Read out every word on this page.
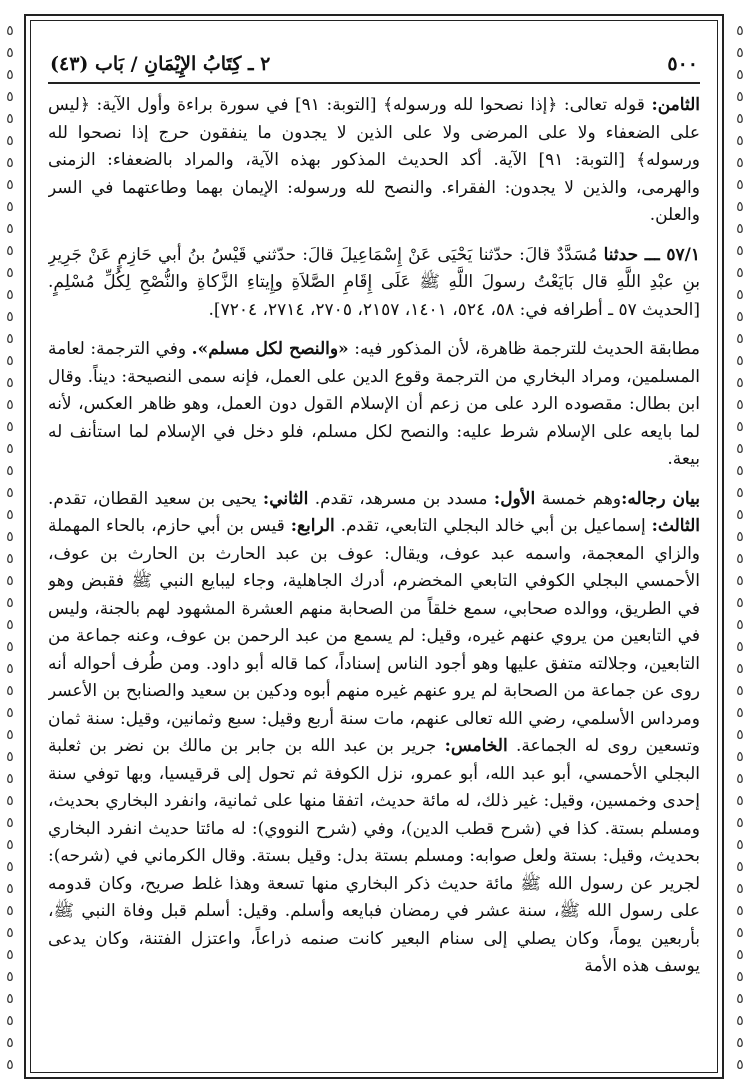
٥
٥
٥
٥
٥
٥
٥
٥
٥
٥
٥
٥
٥
٥
٥
٥
٥
٥
٥
٥
٥
٥
٥
٥
٥
٥
٥
٥
٥
٥
٥
٥
٥
٥
٥
٥
٥
٥
٥
٥
٥
٥
٥
٥
٥
٥
٥
٥
٥
٥
٥
٥
٥
٥
٥
٥
٥
٥
٥
٥
٥
٥
٥
٥
٥
٥
٥
٥
٥
٥
٥
٥
٥
٥
٥
٥
٥
٥
٥
٥
٥
٥
٥
٥
٥
٥
٥
٥
٥
٥
٥
٥
٥
٥
٥
٥
٥٠٠
٢ ـ كِتَابُ الإِيْمَانِ / بَاب (٤٣)

الثامن: قوله تعالى: ﴿إذا نصحوا لله ورسوله﴾ [التوبة: ٩١] في سورة براءة وأول الآية: ﴿ليس على الضعفاء ولا على المرضى ولا على الذين لا يجدون ما ينفقون حرج إذا نصحوا لله ورسوله﴾ [التوبة: ٩١] الآية. أكد الحديث المذكور بهذه الآية، والمراد بالضعفاء: الزمنى والهرمى، والذين لا يجدون: الفقراء. والنصح لله ورسوله: الإيمان بهما وطاعتهما في السر والعلن.

٥٧/١ ـــ حدثنا مُسَدَّدٌ قالَ: حدّثنا يَحْيَى عَنْ إِسْمَاعِيلَ قالَ: حدّثني قَيْسُ بنُ أبي حَازِمٍ عَنْ جَرِيرِ بنِ عبْدِ اللَّهِ قال بَايَعْتُ رسولَ اللَّهِ ﷺ عَلَى إِقَامِ الصَّلاَةِ وإِيتاءِ الزَّكاةِ والنُّصْحِ لِكُلِّ مُسْلِمٍ. [الحديث ٥٧ ـ أطرافه في: ٥٨، ٥٢٤، ١٤٠١، ٢١٥٧، ٢٧٠٥، ٢٧١٤، ٧٢٠٤].

مطابقة الحديث للترجمة ظاهرة، لأن المذكور فيه: «والنصح لكل مسلم». وفي الترجمة: لعامة المسلمين، ومراد البخاري من الترجمة وقوع الدين على العمل، فإنه سمى النصيحة: ديناً. وقال ابن بطال: مقصوده الرد على من زعم أن الإسلام القول دون العمل، وهو ظاهر العكس، لأنه لما بايعه على الإسلام شرط عليه: والنصح لكل مسلم، فلو دخل في الإسلام لما استأنف له بيعة.

بيان رجاله:وهم خمسة الأول: مسدد بن مسرهد، تقدم. الثاني: يحيى بن سعيد القطان، تقدم. الثالث: إسماعيل بن أبي خالد البجلي التابعي، تقدم. الرابع: قيس بن أبي حازم، بالحاء المهملة والزاي المعجمة، واسمه عبد عوف، ويقال: عوف بن عبد الحارث بن الحارث بن عوف، الأحمسي البجلي الكوفي التابعي المخضرم، أدرك الجاهلية، وجاء ليبايع النبي ﷺ فقبض وهو في الطريق، ووالده صحابي، سمع خلقاً من الصحابة منهم العشرة المشهود لهم بالجنة، وليس في التابعين من يروي عنهم غيره، وقيل: لم يسمع من عبد الرحمن بن عوف، وعنه جماعة من التابعين، وجلالته متفق عليها وهو أجود الناس إسناداً، كما قاله أبو داود. ومن طُرف أحواله أنه روى عن جماعة من الصحابة لم يرو عنهم غيره منهم أبوه ودكين بن سعيد والصنابح بن الأعسر ومرداس الأسلمي، رضي الله تعالى عنهم، مات سنة أربع وقيل: سبع وثمانين، وقيل: سنة ثمان وتسعين روى له الجماعة. الخامس: جرير بن عبد الله بن جابر بن مالك بن نضر بن ثعلبة البجلي الأحمسي، أبو عبد الله، أبو عمرو، نزل الكوفة ثم تحول إلى قرقيسيا، وبها توفي سنة إحدى وخمسين، وقيل: غير ذلك، له مائة حديث، اتفقا منها على ثمانية، وانفرد البخاري بحديث، ومسلم بستة. كذا في (شرح قطب الدين)، وفي (شرح النووي): له مائتا حديث انفرد البخاري بحديث، وقيل: بستة ولعل صوابه: ومسلم بستة بدل: وقيل بستة. وقال الكرماني في (شرحه): لجرير عن رسول الله ﷺ مائة حديث ذكر البخاري منها تسعة وهذا غلط صريح، وكان قدومه على رسول الله ﷺ، سنة عشر في رمضان فبايعه وأسلم. وقيل: أسلم قبل وفاة النبي ﷺ، بأربعين يوماً، وكان يصلي إلى سنام البعير كانت صنمه ذراعاً، واعتزل الفتنة، وكان يدعى يوسف هذه الأمة
